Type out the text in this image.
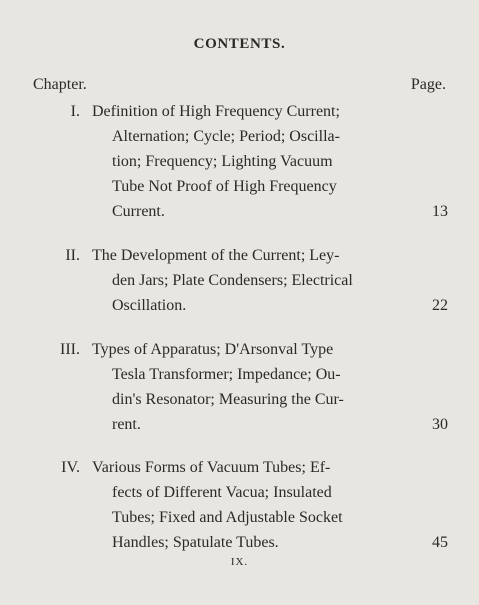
CONTENTS.
Chapter.	Page.
I. Definition of High Frequency Current;
Alternation; Cycle; Period; Oscilla-
tion; Frequency; Lighting Vacuum
Tube Not Proof of High Frequency
Current.	13
II. The Development of the Current; Ley-
den Jars; Plate Condensers; Electrical
Oscillation.	22
III. Types of Apparatus; D'Arsonval Type
Tesla Transformer; Impedance; Ou-
din's Resonator; Measuring the Cur-
rent.	30
IV. Various Forms of Vacuum Tubes; Ef-
fects of Different Vacua; Insulated
Tubes; Fixed and Adjustable Socket
Handles; Spatulate Tubes.	45
IX.
